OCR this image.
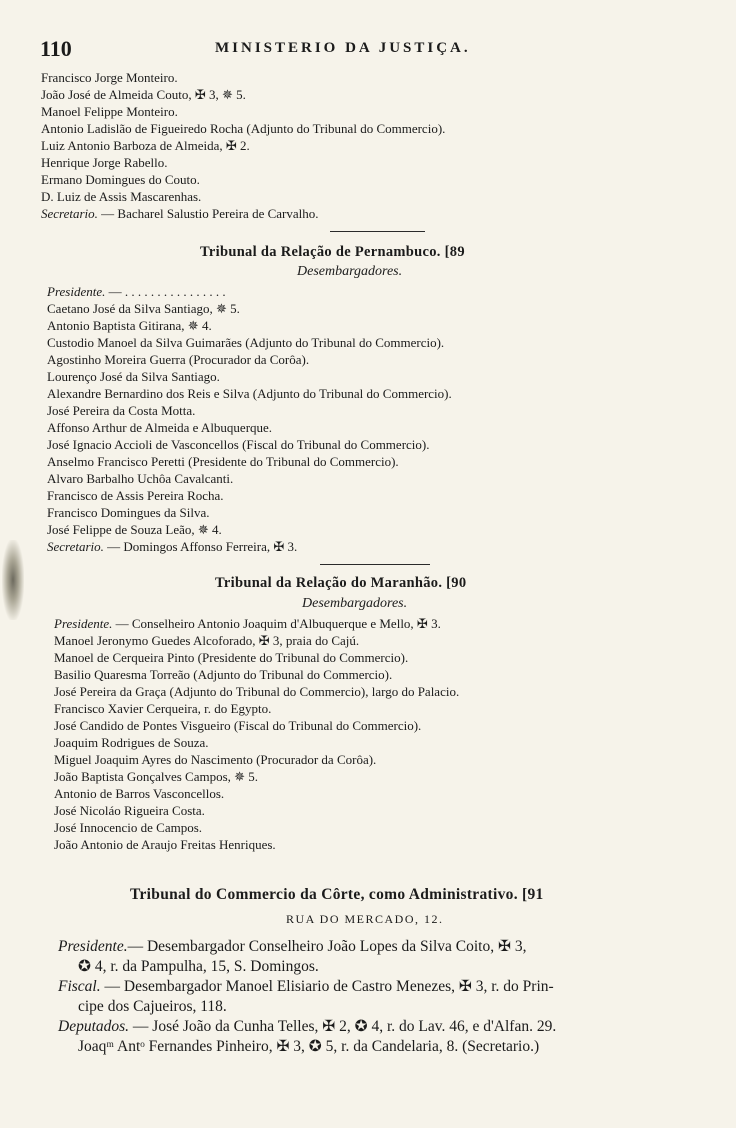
110	MINISTERIO DA JUSTIÇA.
Francisco Jorge Monteiro.
João José de Almeida Couto, ✠ 3, ✵ 5.
Manoel Felippe Monteiro.
Antonio Ladislão de Figueiredo Rocha (Adjunto do Tribunal do Commercio).
Luiz Antonio Barboza de Almeida, ✠ 2.
Henrique Jorge Rabello.
Ermano Domingues do Couto.
D. Luiz de Assis Mascarenhas.
Secretario. — Bacharel Salustio Pereira de Carvalho.
Tribunal da Relação de Pernambuco. [89
Desembargadores.
Presidente. — . . . . . . . . . . . . . . . .
Caetano José da Silva Santiago, ✵ 5.
Antonio Baptista Gitirana, ✵ 4.
Custodio Manoel da Silva Guimarães (Adjunto do Tribunal do Commercio).
Agostinho Moreira Guerra (Procurador da Corôa).
Lourenço José da Silva Santiago.
Alexandre Bernardino dos Reis e Silva (Adjunto do Tribunal do Commercio).
José Pereira da Costa Motta.
Affonso Arthur de Almeida e Albuquerque.
José Ignacio Accioli de Vasconcellos (Fiscal do Tribunal do Commercio).
Anselmo Francisco Peretti (Presidente do Tribunal do Commercio).
Alvaro Barbalho Uchôa Cavalcanti.
Francisco de Assis Pereira Rocha.
Francisco Domingues da Silva.
José Felippe de Souza Leão, ✵ 4.
Secretario. — Domingos Affonso Ferreira, ✠ 3.
Tribunal da Relação do Maranhão. [90
Desembargadores.
Presidente. — Conselheiro Antonio Joaquim d'Albuquerque e Mello, ✠ 3.
Manoel Jeronymo Guedes Alcoforado, ✠ 3, praia do Cajú.
Manoel de Cerqueira Pinto (Presidente do Tribunal do Commercio).
Basilio Quaresma Torreão (Adjunto do Tribunal do Commercio).
José Pereira da Graça (Adjunto do Tribunal do Commercio), largo do Palacio.
Francisco Xavier Cerqueira, r. do Egypto.
José Candido de Pontes Visgueiro (Fiscal do Tribunal do Commercio).
Joaquim Rodrigues de Souza.
Miguel Joaquim Ayres do Nascimento (Procurador da Corôa).
João Baptista Gonçalves Campos, ✵ 5.
Antonio de Barros Vasconcellos.
José Nicoláo Rigueira Costa.
José Innocencio de Campos.
João Antonio de Araujo Freitas Henriques.
Tribunal do Commercio da Côrte, como Administrativo. [91
RUA DO MERCADO, 12.
Presidente.— Desembargador Conselheiro João Lopes da Silva Coito, ✠ 3,
✪ 4, r. da Pampulha, 15, S. Domingos.
Fiscal. — Desembargador Manoel Elisiario de Castro Menezes, ✠ 3, r. do Prin-
cipe dos Cajueiros, 118.
Deputados. — José João da Cunha Telles, ✠ 2, ✪ 4, r. do Lav. 46, e d'Alfan. 29.
Joaqᵐ Antᵒ Fernandes Pinheiro, ✠ 3, ✪ 5, r. da Candelaria, 8. (Secretario.)
